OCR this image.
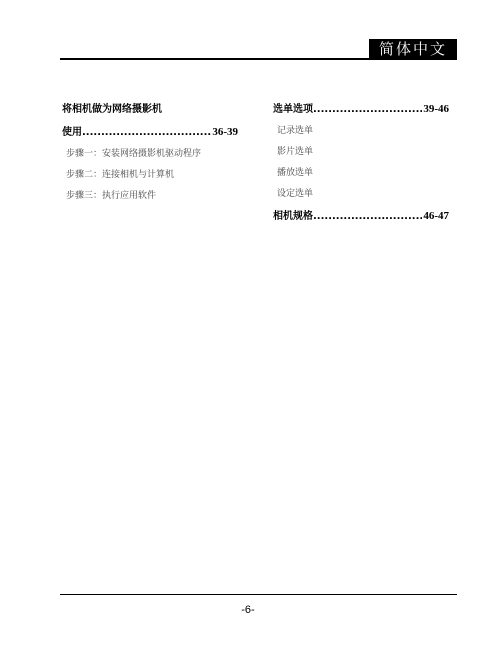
简体中文
将相机做为网络摄影机
使用 .....	36-39
步骤一：安装网络摄影机驱动程序
步骤二：连接相机与计算机
步骤三：执行应用软件
选单选项 .....	39-46
记录选单
影片选单
播放选单
设定选单
相机规格 .....	46-47
-6-
